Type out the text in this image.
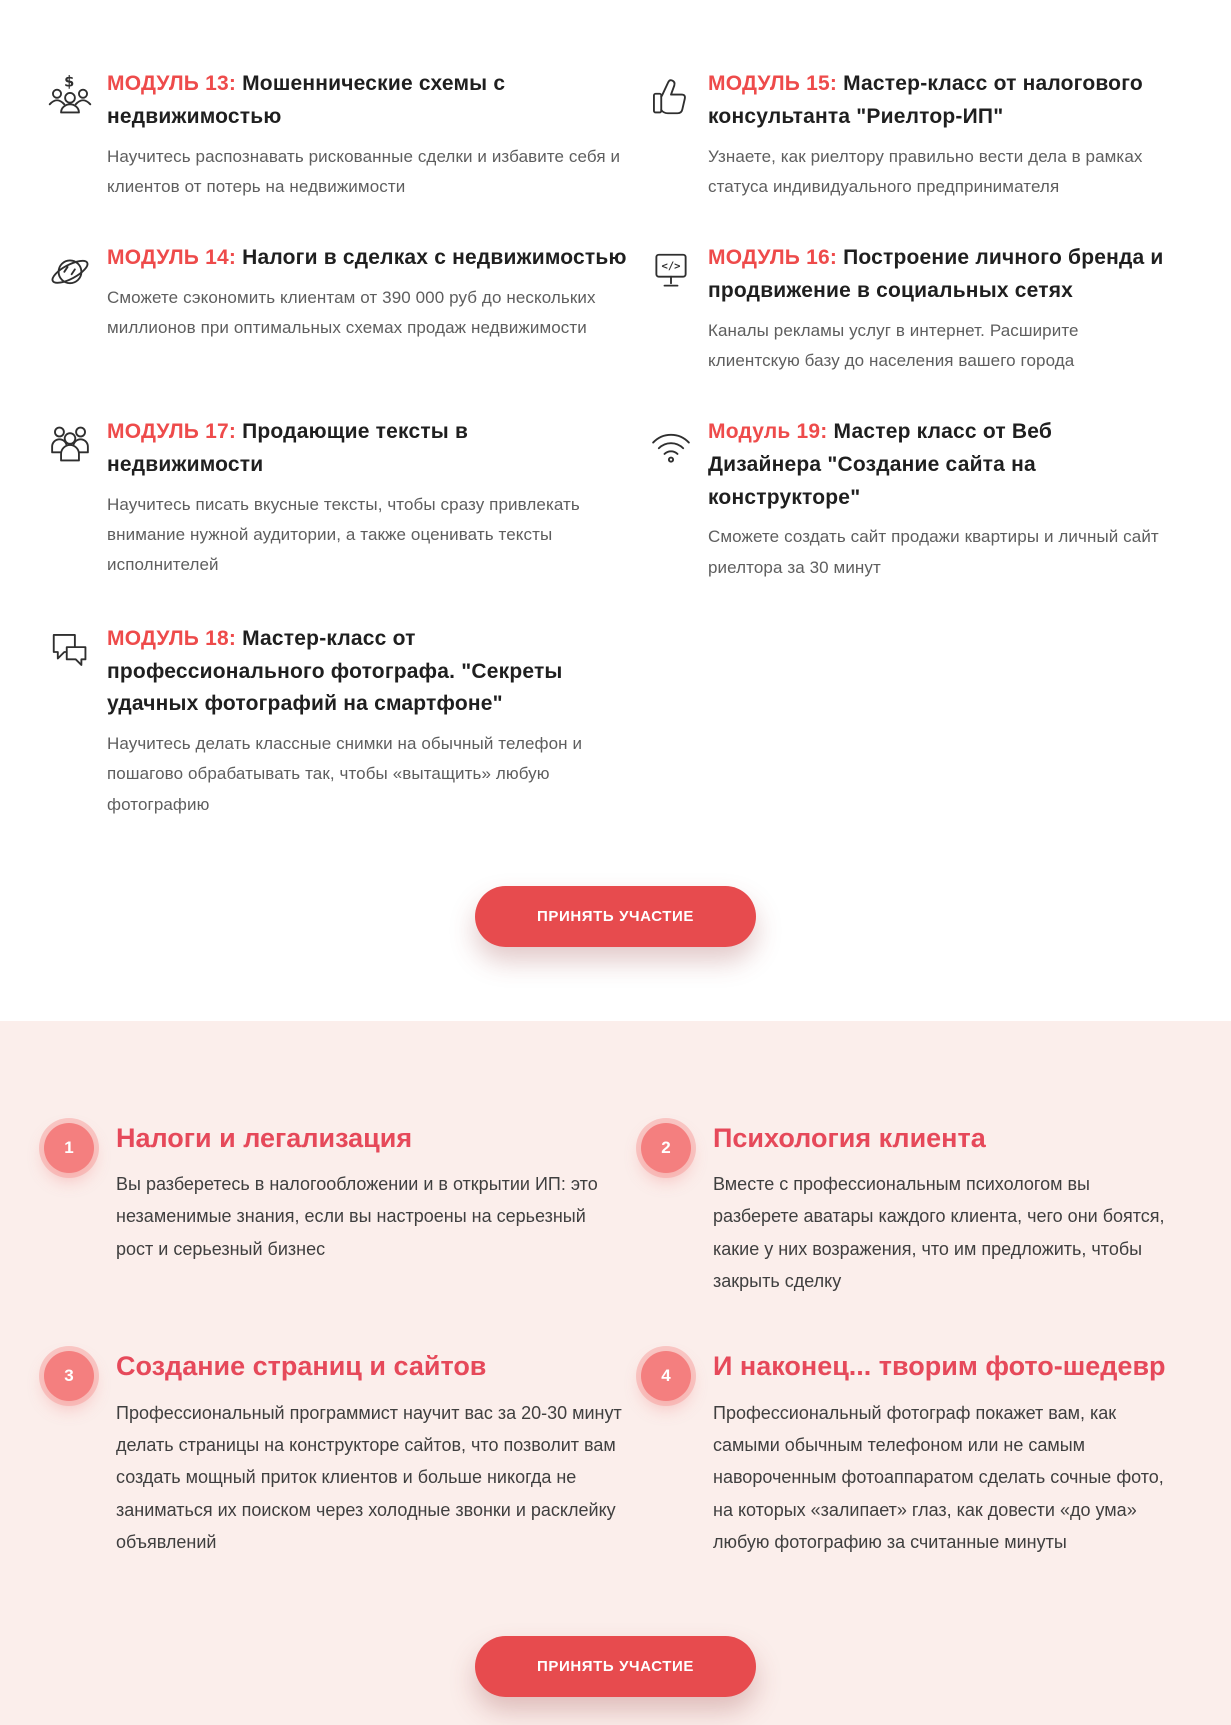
$ МОДУЛЬ 13: Мошеннические схемы с недвижимостью

Научитесь распознавать рискованные сделки и избавите себя и клиентов от потерь на недвижимости

МОДУЛЬ 15: Мастер-класс от налогового консультанта "Риелтор-ИП"

Узнаете, как риелтору правильно вести дела в рамках статуса индивидуального предпринимателя

МОДУЛЬ 14: Налоги в сделках с недвижимостью

Сможете сэкономить клиентам от 390 000 руб до нескольких миллионов при оптимальных схемах продаж недвижимости

</> МОДУЛЬ 16: Построение личного бренда и продвижение в социальных сетях

Каналы рекламы услуг в интернет. Расширите клиентскую базу до населения вашего города

МОДУЛЬ 17: Продающие тексты в недвижимости

Научитесь писать вкусные тексты, чтобы сразу привлекать внимание нужной аудитории, а также оценивать тексты исполнителей

Модуль 19: Мастер класс от Веб Дизайнера "Создание сайта на конструкторе"

Сможете создать сайт продажи квартиры и личный сайт риелтора за 30 минут

МОДУЛЬ 18: Мастер-класс от профессионального фотографа. "Секреты удачных фотографий на смартфоне"

Научитесь делать классные снимки на обычный телефон и пошагово обрабатывать так, чтобы «вытащить» любую фотографию

ПРИНЯТЬ УЧАСТИЕ
1	Налоги и легализация

Вы разберетесь в налогообложении и в открытии ИП: это незаменимые знания, если вы настроены на серьезный рост и серьезный бизнес

2	Психология клиента

Вместе с профессиональным психологом вы разберете аватары каждого клиента, чего они боятся, какие у них возражения, что им предложить, чтобы закрыть сделку

3	Создание страниц и сайтов

Профессиональный программист научит вас за 20-30 минут делать страницы на конструкторе сайтов, что позволит вам создать мощный приток клиентов и больше никогда не заниматься их поиском через холодные звонки и расклейку объявлений

4	И наконец... творим фото-шедевр

Профессиональный фотограф покажет вам, как самыми обычным телефоном или не самым навороченным фотоаппаратом сделать сочные фото, на которых «залипает» глаз, как довести «до ума» любую фотографию за считанные минуты

ПРИНЯТЬ УЧАСТИЕ
